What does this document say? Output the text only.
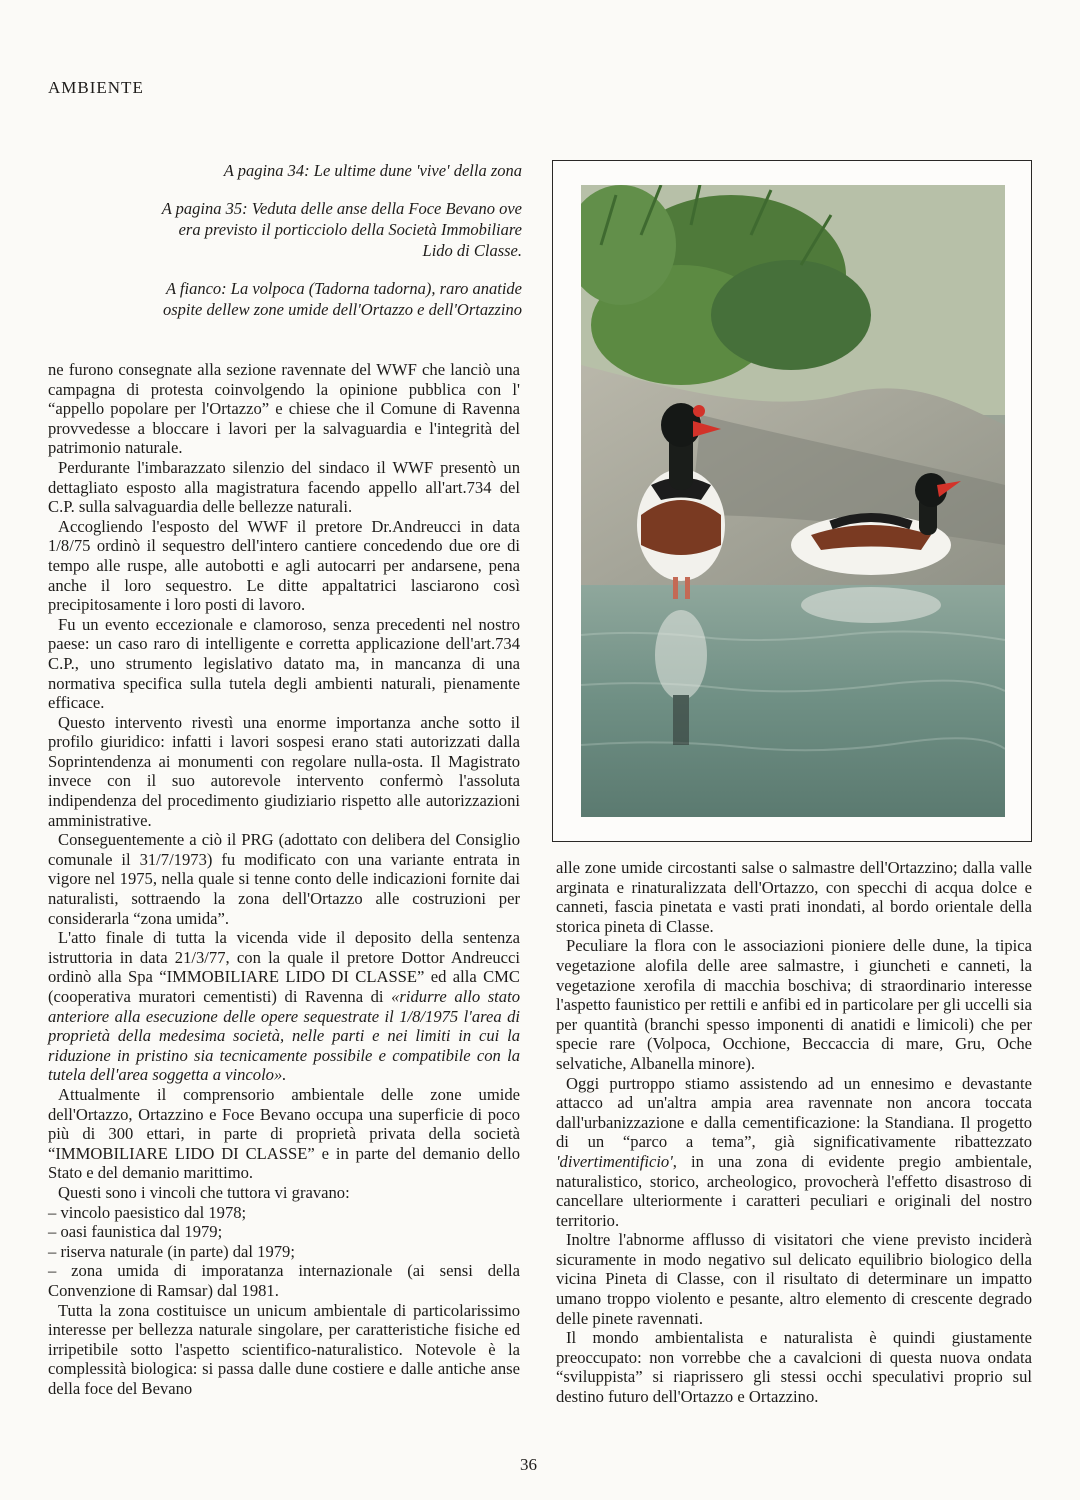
AMBIENTE

A pagina 34: Le ultime dune 'vive' della zona

A pagina 35: Veduta delle anse della Foce Bevano ove era previsto il porticciolo della Società Immobiliare Lido di Classe.

A fianco: La volpoca (Tadorna tadorna), raro anatide ospite dellew zone umide dell'Ortazzo e dell'Ortazzino

ne furono consegnate alla sezione ravennate del WWF che lanciò una campagna di protesta coinvolgendo la opinione pubblica con l' “appello popolare per l'Ortazzo” e chiese che il Comune di Ravenna provvedesse a bloccare i lavori per la salvaguardia e l'integrità del patrimonio naturale.

Perdurante l'imbarazzato silenzio del sindaco il WWF presentò un dettagliato esposto alla magistratura facendo appello all'art.734 del C.P. sulla salvaguardia delle bellezze naturali.

Accogliendo l'esposto del WWF il pretore Dr.Andreucci in data 1/8/75 ordinò il sequestro dell'intero cantiere concedendo due ore di tempo alle ruspe, alle autobotti e agli autocarri per andarsene, pena anche il loro sequestro. Le ditte appaltatrici lasciarono così precipitosamente i loro posti di lavoro.

Fu un evento eccezionale e clamoroso, senza precedenti nel nostro paese: un caso raro di intelligente e corretta applicazione dell'art.734 C.P., uno strumento legislativo datato ma, in mancanza di una normativa specifica sulla tutela degli ambienti naturali, pienamente efficace.

Questo intervento rivestì una enorme importanza anche sotto il profilo giuridico: infatti i lavori sospesi erano stati autorizzati dalla Soprintendenza ai monumenti con regolare nulla-osta. Il Magistrato invece con il suo autorevole intervento confermò l'assoluta indipendenza del procedimento giudiziario rispetto alle autorizzazioni amministrative.

Conseguentemente a ciò il PRG (adottato con delibera del Consiglio comunale il 31/7/1973) fu modificato con una variante entrata in vigore nel 1975, nella quale si tenne conto delle indicazioni fornite dai naturalisti, sottraendo la zona dell'Ortazzo alle costruzioni per considerarla “zona umida”.

L'atto finale di tutta la vicenda vide il deposito della sentenza istruttoria in data 21/3/77, con la quale il pretore Dottor Andreucci ordinò alla Spa “IMMOBILIARE LIDO DI CLASSE” ed alla CMC (cooperativa muratori cementisti) di Ravenna di «ridurre allo stato anteriore alla esecuzione delle opere sequestrate il 1/8/1975 l'area di proprietà della medesima società, nelle parti e nei limiti in cui la riduzione in pristino sia tecnicamente possibile e compatibile con la tutela dell'area soggetta a vincolo».

Attualmente il comprensorio ambientale delle zone umide dell'Ortazzo, Ortazzino e Foce Bevano occupa una superficie di poco più di 300 ettari, in parte di proprietà privata della società “IMMOBILIARE LIDO DI CLASSE” e in parte del demanio dello Stato e del demanio marittimo.

Questi sono i vincoli che tuttora vi gravano:

– vincolo paesistico dal 1978;

– oasi faunistica dal 1979;

– riserva naturale (in parte) dal 1979;

– zona umida di imporatanza internazionale (ai sensi della Convenzione di Ramsar) dal 1981.

Tutta la zona costituisce un unicum ambientale di particolarissimo interesse per bellezza naturale singolare, per caratteristiche fisiche ed irripetibile sotto l'aspetto scientifico-naturalistico. Notevole è la complessità biologica: si passa dalle dune costiere e dalle antiche anse della foce del Bevano

alle zone umide circostanti salse o salmastre dell'Ortazzino; dalla valle arginata e rinaturalizzata dell'Ortazzo, con specchi di acqua dolce e canneti, fascia pinetata e vasti prati inondati, al bordo orientale della storica pineta di Classe.

Peculiare la flora con le associazioni pioniere delle dune, la tipica vegetazione alofila delle aree salmastre, i giuncheti e canneti, la vegetazione xerofila di macchia boschiva; di straordinario interesse l'aspetto faunistico per rettili e anfibi ed in particolare per gli uccelli sia per quantità (branchi spesso imponenti di anatidi e limicoli) che per specie rare (Volpoca, Occhione, Beccaccia di mare, Gru, Oche selvatiche, Albanella minore).

Oggi purtroppo stiamo assistendo ad un ennesimo e devastante attacco ad un'altra ampia area ravennate non ancora toccata dall'urbanizzazione e dalla cementificazione: la Standiana. Il progetto di un “parco a tema”, già significativamente ribattezzato 'divertimentificio', in una zona di evidente pregio ambientale, naturalistico, storico, archeologico, provocherà l'effetto disastroso di cancellare ulteriormente i caratteri peculiari e originali del nostro territorio.

Inoltre l'abnorme afflusso di visitatori che viene previsto inciderà sicuramente in modo negativo sul delicato equilibrio biologico della vicina Pineta di Classe, con il risultato di determinare un impatto umano troppo violento e pesante, altro elemento di crescente degrado delle pinete ravennati.

Il mondo ambientalista e naturalista è quindi giustamente preoccupato: non vorrebbe che a cavalcioni di questa nuova ondata “sviluppista” si riaprissero gli stessi occhi speculativi proprio sul destino futuro dell'Ortazzo e Ortazzino.

36
